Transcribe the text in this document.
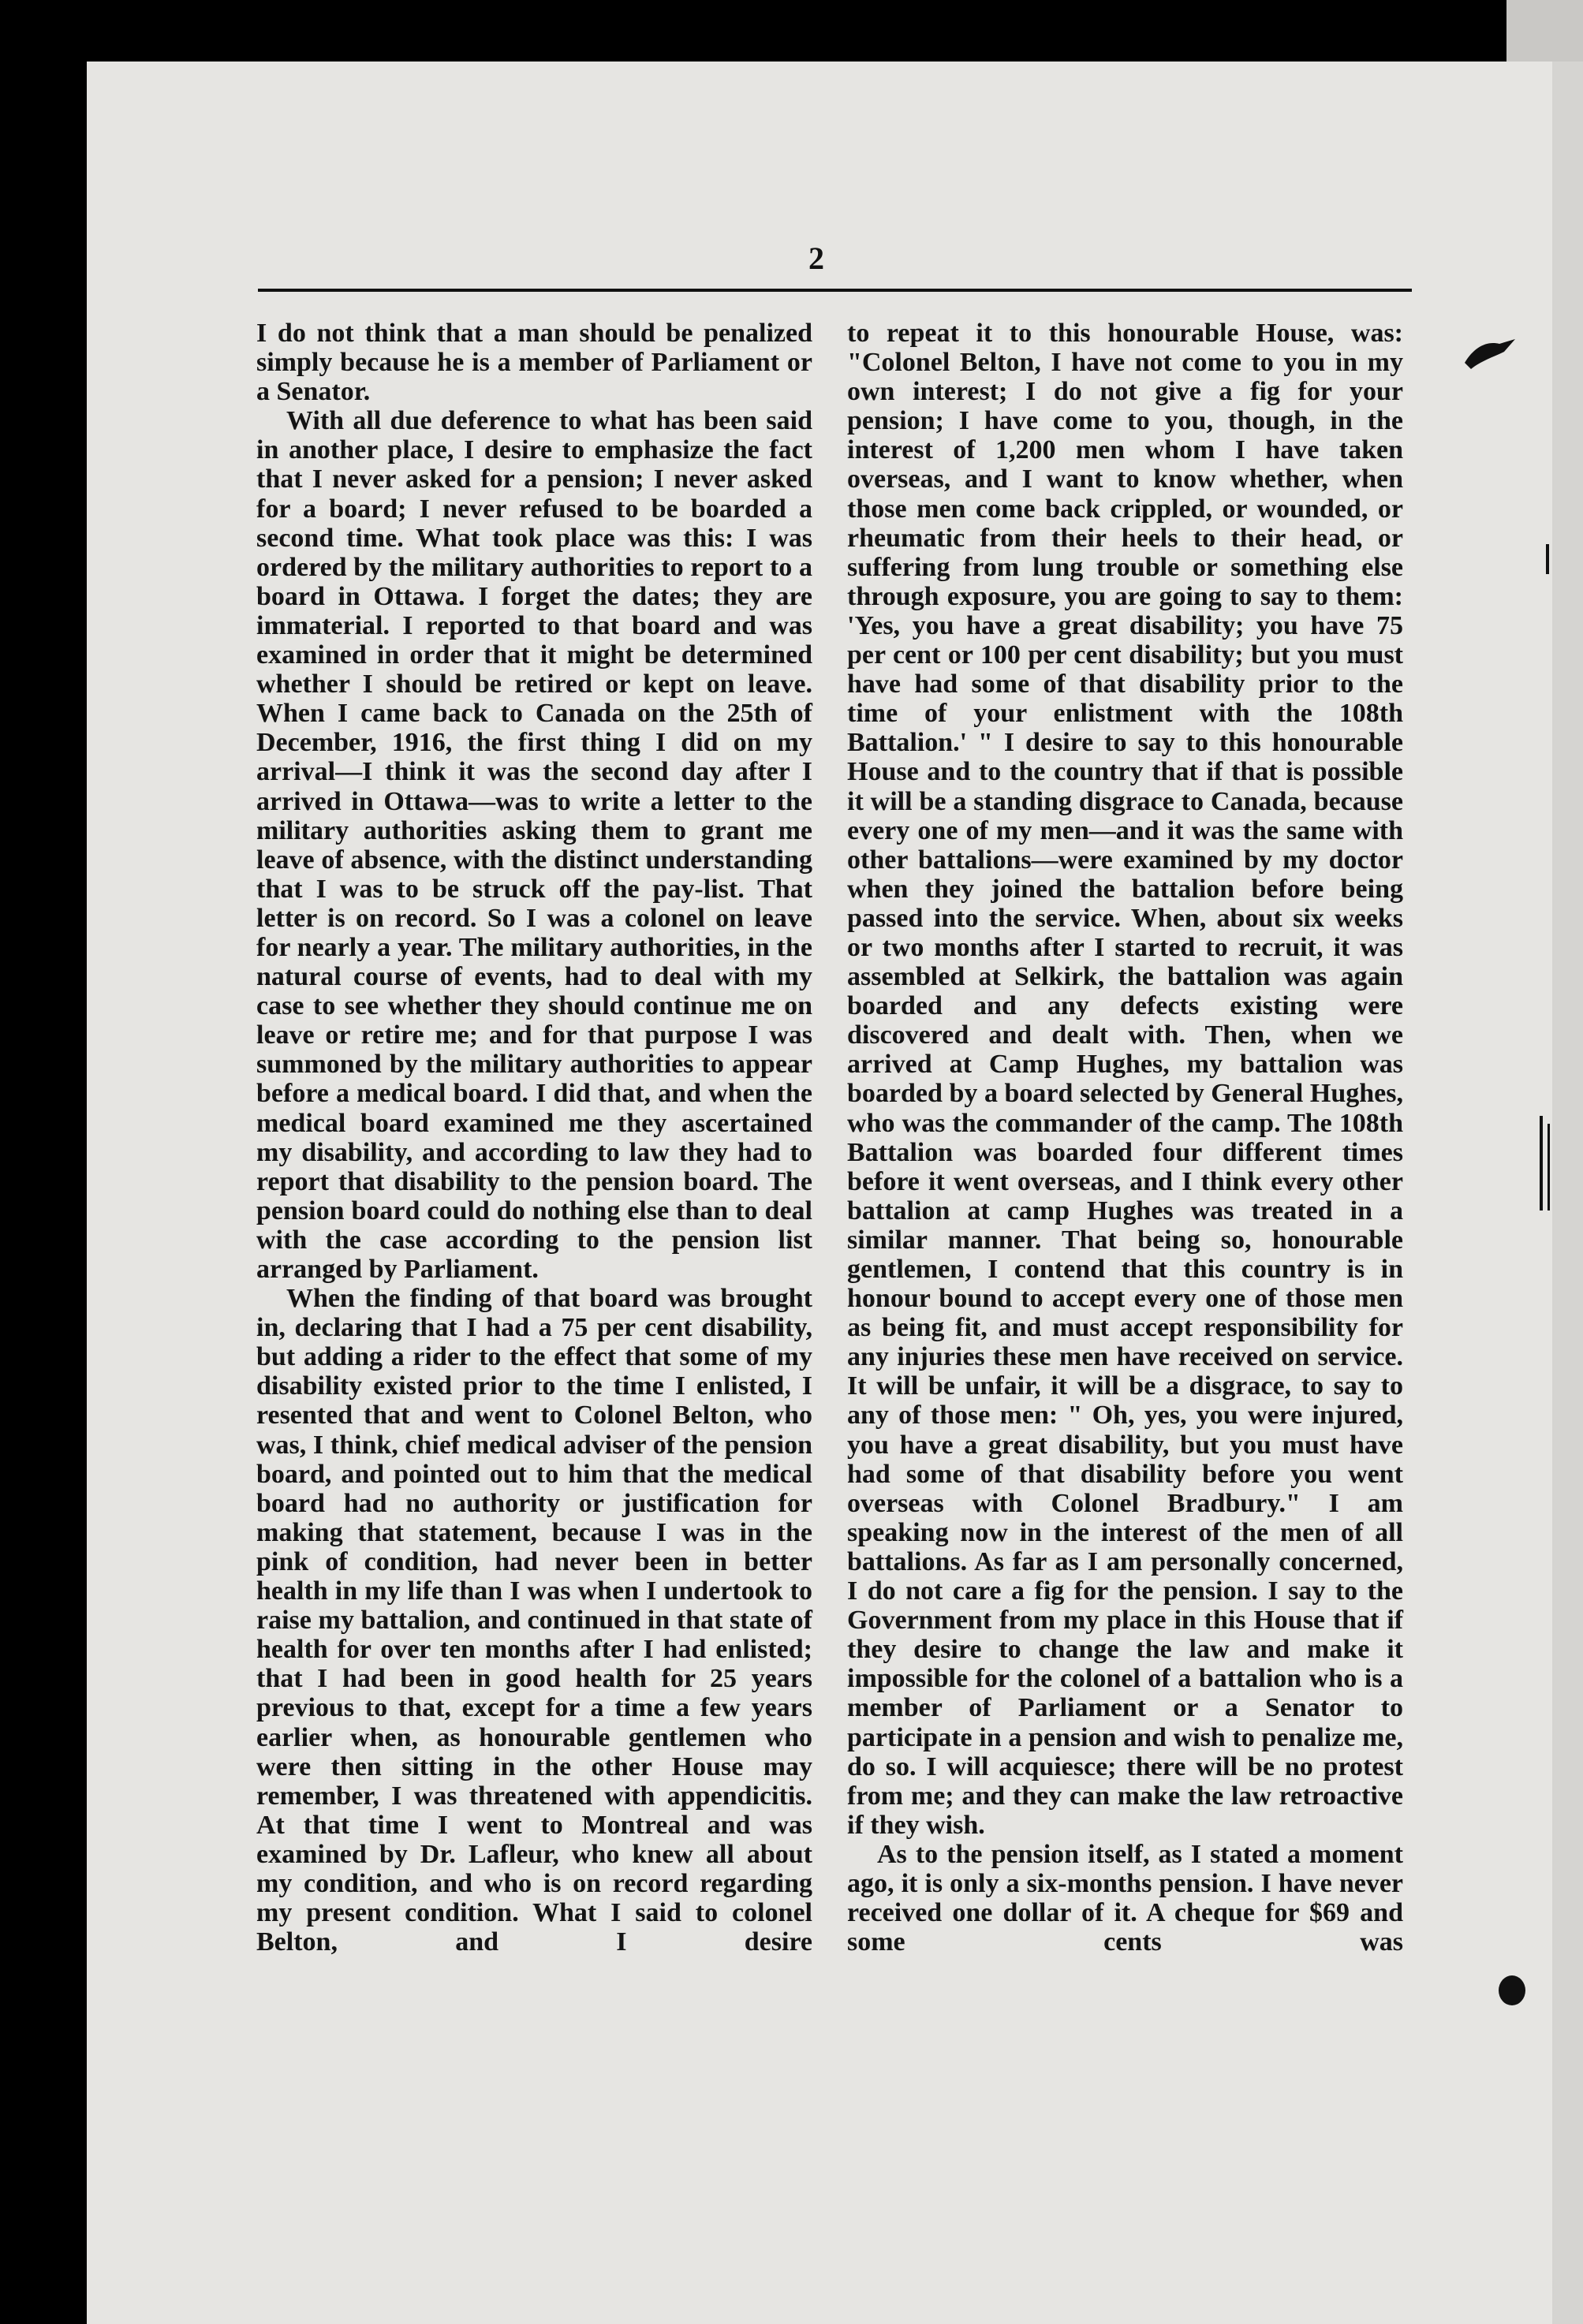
2

I do not think that a man should be penalized simply because he is a member of Parliament or a Senator.

With all due deference to what has been said in another place, I desire to emphasize the fact that I never asked for a pension; I never asked for a board; I never refused to be boarded a second time. What took place was this: I was ordered by the military authorities to report to a board in Ottawa. I forget the dates; they are immaterial. I reported to that board and was examined in order that it might be determined whether I should be retired or kept on leave. When I came back to Canada on the 25th of December, 1916, the first thing I did on my arrival—I think it was the second day after I arrived in Ottawa—was to write a letter to the military authorities asking them to grant me leave of absence, with the distinct understanding that I was to be struck off the pay-list. That letter is on record. So I was a colonel on leave for nearly a year. The military authorities, in the natural course of events, had to deal with my case to see whether they should continue me on leave or retire me; and for that purpose I was summoned by the military authorities to appear before a medical board. I did that, and when the medical board examined me they ascertained my disability, and according to law they had to report that disability to the pension board. The pension board could do nothing else than to deal with the case according to the pension list arranged by Parliament.

When the finding of that board was brought in, declaring that I had a 75 per cent disability, but adding a rider to the effect that some of my disability existed prior to the time I enlisted, I resented that and went to Colonel Belton, who was, I think, chief medical adviser of the pension board, and pointed out to him that the medical board had no authority or justification for making that statement, because I was in the pink of condition, had never been in better health in my life than I was when I undertook to raise my battalion, and continued in that state of health for over ten months after I had enlisted; that I had been in good health for 25 years previous to that, except for a time a few years earlier when, as honourable gentlemen who were then sitting in the other House may remember, I was threatened with appendicitis. At that time I went to Montreal and was examined by Dr. Lafleur, who knew all about my condition, and who is on record regarding my present condition. What I said to colonel Belton, and I desire

to repeat it to this honourable House, was: "Colonel Belton, I have not come to you in my own interest; I do not give a fig for your pension; I have come to you, though, in the interest of 1,200 men whom I have taken overseas, and I want to know whether, when those men come back crippled, or wounded, or rheumatic from their heels to their head, or suffering from lung trouble or something else through exposure, you are going to say to them: 'Yes, you have a great disability; you have 75 per cent or 100 per cent disability; but you must have had some of that disability prior to the time of your enlistment with the 108th Battalion.' " I desire to say to this honourable House and to the country that if that is possible it will be a standing disgrace to Canada, because every one of my men—and it was the same with other battalions—were examined by my doctor when they joined the battalion before being passed into the service. When, about six weeks or two months after I started to recruit, it was assembled at Selkirk, the battalion was again boarded and any defects existing were discovered and dealt with. Then, when we arrived at Camp Hughes, my battalion was boarded by a board selected by General Hughes, who was the commander of the camp. The 108th Battalion was boarded four different times before it went overseas, and I think every other battalion at camp Hughes was treated in a similar manner. That being so, honourable gentlemen, I contend that this country is in honour bound to accept every one of those men as being fit, and must accept responsibility for any injuries these men have received on service. It will be unfair, it will be a disgrace, to say to any of those men: " Oh, yes, you were injured, you have a great disability, but you must have had some of that disability before you went overseas with Colonel Bradbury." I am speaking now in the interest of the men of all battalions. As far as I am personally concerned, I do not care a fig for the pension. I say to the Government from my place in this House that if they desire to change the law and make it impossible for the colonel of a battalion who is a member of Parliament or a Senator to participate in a pension and wish to penalize me, do so. I will acquiesce; there will be no protest from me; and they can make the law retroactive if they wish.

As to the pension itself, as I stated a moment ago, it is only a six-months pension. I have never received one dollar of it. A cheque for $69 and some cents was
